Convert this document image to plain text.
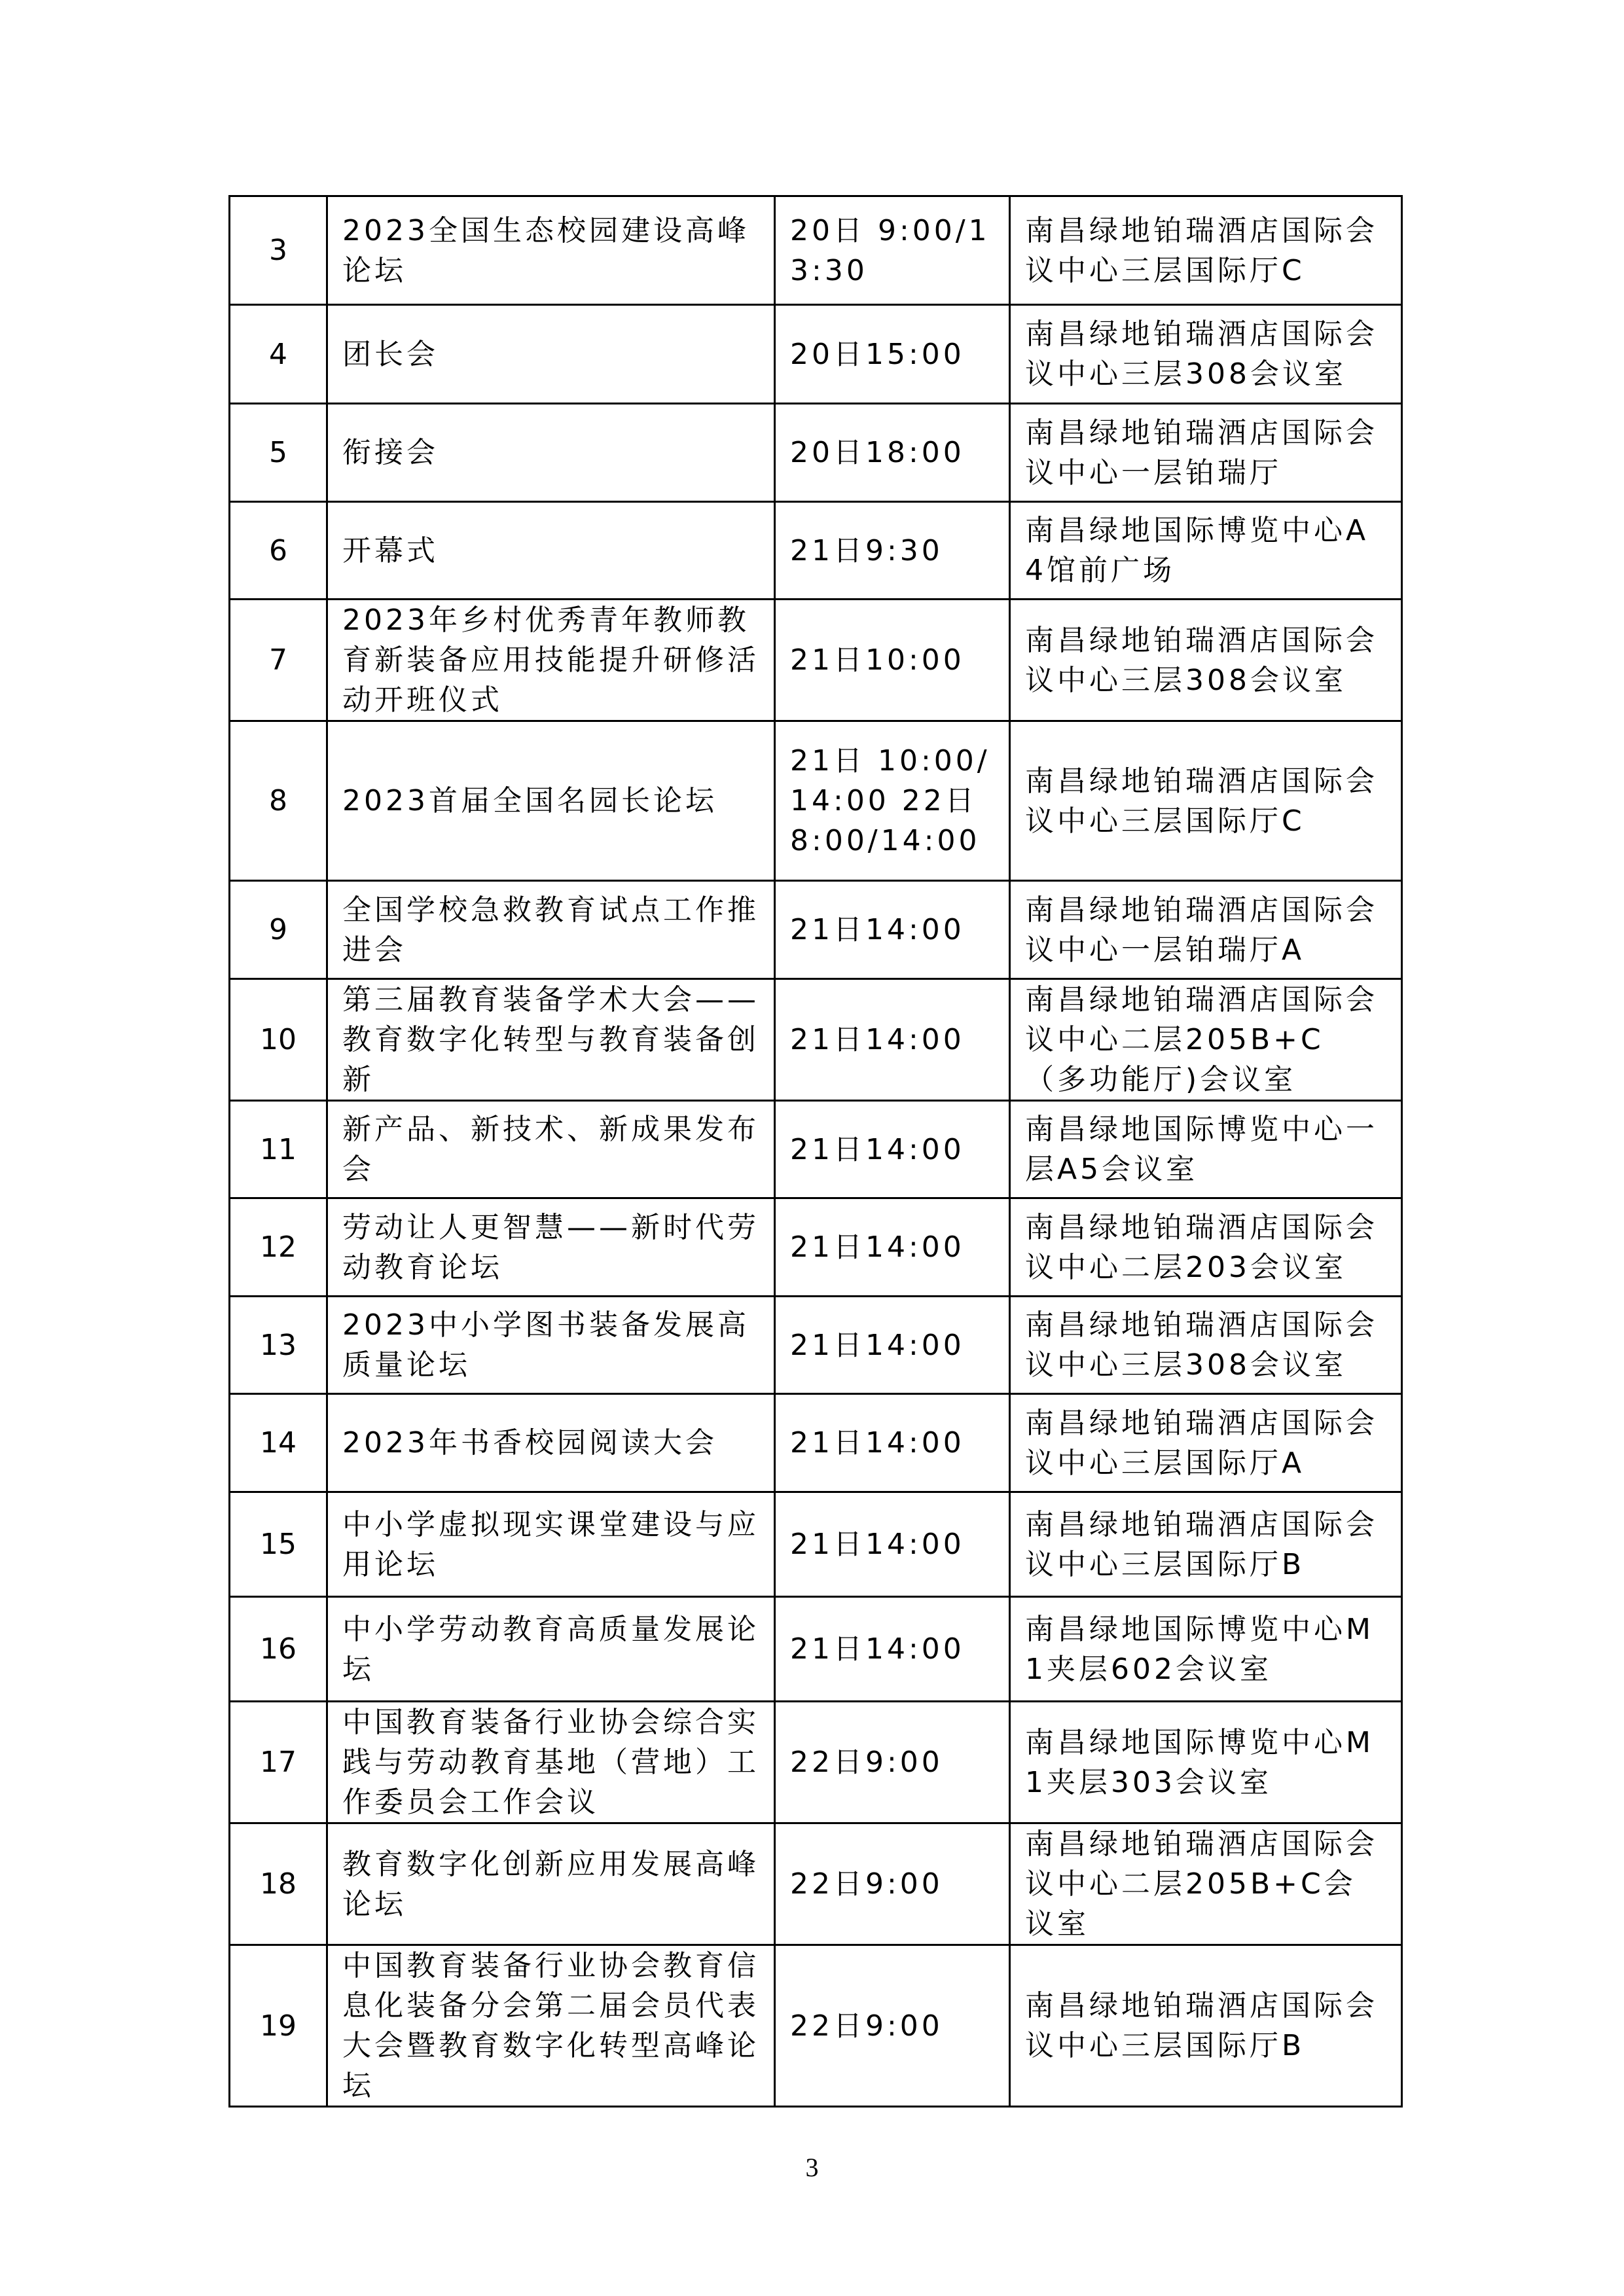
3	2023全国生态校园建设高峰论坛	20日 9:00/13:30	南昌绿地铂瑞酒店国际会议中心三层国际厅C
4	团长会	20日15:00	南昌绿地铂瑞酒店国际会议中心三层308会议室
5	衔接会	20日18:00	南昌绿地铂瑞酒店国际会议中心一层铂瑞厅
6	开幕式	21日9:30	南昌绿地国际博览中心A4馆前广场
7	2023年乡村优秀青年教师教育新装备应用技能提升研修活动开班仪式	21日10:00	南昌绿地铂瑞酒店国际会议中心三层308会议室
8	2023首届全国名园长论坛	21日 10:00/14:00 22日 8:00/14:00	南昌绿地铂瑞酒店国际会议中心三层国际厅C
9	全国学校急救教育试点工作推进会	21日14:00	南昌绿地铂瑞酒店国际会议中心一层铂瑞厅A
10	第三届教育装备学术大会——教育数字化转型与教育装备创新	21日14:00	南昌绿地铂瑞酒店国际会议中心二层205B+C（多功能厅)会议室
11	新产品、新技术、新成果发布会	21日14:00	南昌绿地国际博览中心一层A5会议室
12	劳动让人更智慧——新时代劳动教育论坛	21日14:00	南昌绿地铂瑞酒店国际会议中心二层203会议室
13	2023中小学图书装备发展高质量论坛	21日14:00	南昌绿地铂瑞酒店国际会议中心三层308会议室
14	2023年书香校园阅读大会	21日14:00	南昌绿地铂瑞酒店国际会议中心三层国际厅A
15	中小学虚拟现实课堂建设与应用论坛	21日14:00	南昌绿地铂瑞酒店国际会议中心三层国际厅B
16	中小学劳动教育高质量发展论坛	21日14:00	南昌绿地国际博览中心M1夹层602会议室
17	中国教育装备行业协会综合实践与劳动教育基地（营地）工作委员会工作会议	22日9:00	南昌绿地国际博览中心M1夹层303会议室
18	教育数字化创新应用发展高峰论坛	22日9:00	南昌绿地铂瑞酒店国际会议中心二层205B+C会议室
19	中国教育装备行业协会教育信息化装备分会第二届会员代表大会暨教育数字化转型高峰论坛	22日9:00	南昌绿地铂瑞酒店国际会议中心三层国际厅B
3
